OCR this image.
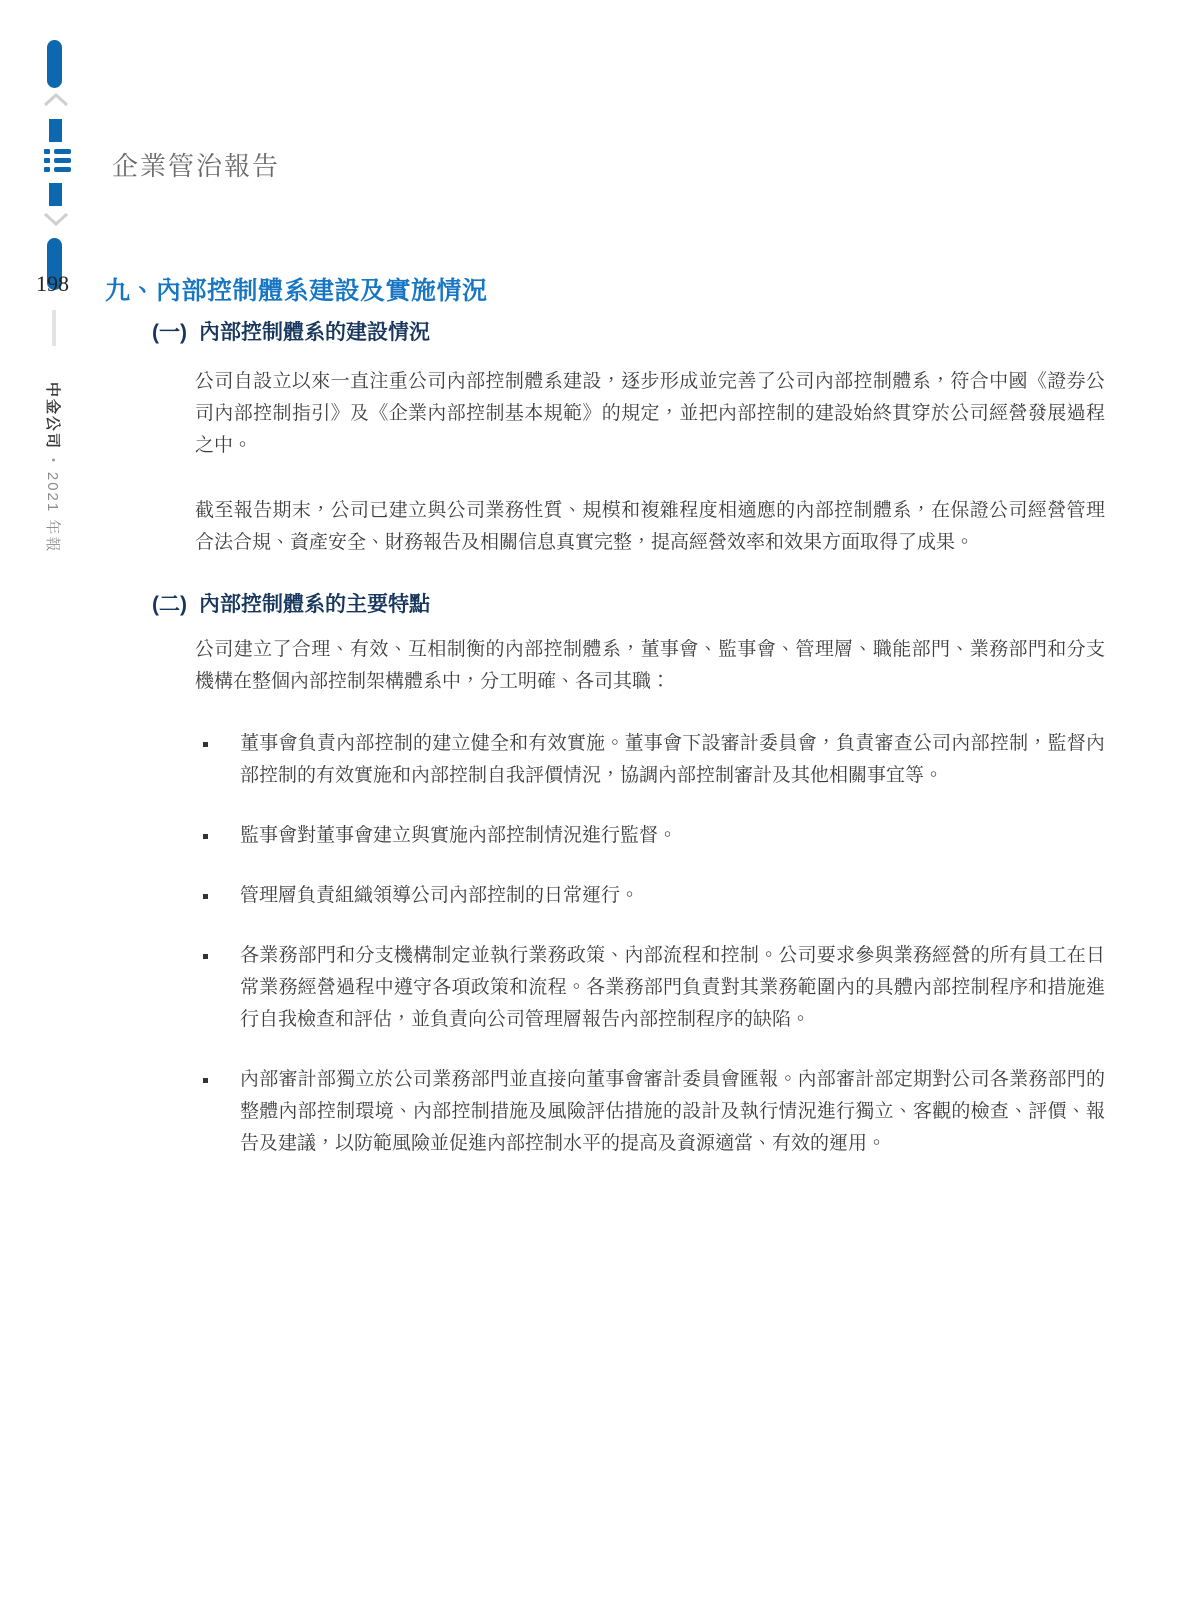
198
中金公司•2021 年報
企業管治報告
九、內部控制體系建設及實施情況
(一) 內部控制體系的建設情況

公司自設立以來一直注重公司內部控制體系建設，逐步形成並完善了公司內部控制體系，符合中國《證券公司內部控制指引》及《企業內部控制基本規範》的規定，並把內部控制的建設始終貫穿於公司經營發展過程之中。

截至報告期末，公司已建立與公司業務性質、規模和複雜程度相適應的內部控制體系，在保證公司經營管理合法合規、資產安全、財務報告及相關信息真實完整，提高經營效率和效果方面取得了成果。

(二) 內部控制體系的主要特點

公司建立了合理、有效、互相制衡的內部控制體系，董事會、監事會、管理層、職能部門、業務部門和分支機構在整個內部控制架構體系中，分工明確、各司其職：

董事會負責內部控制的建立健全和有效實施。董事會下設審計委員會，負責審查公司內部控制，監督內部控制的有效實施和內部控制自我評價情況，協調內部控制審計及其他相關事宜等。
監事會對董事會建立與實施內部控制情況進行監督。
管理層負責組織領導公司內部控制的日常運行。
各業務部門和分支機構制定並執行業務政策、內部流程和控制。公司要求參與業務經營的所有員工在日常業務經營過程中遵守各項政策和流程。各業務部門負責對其業務範圍內的具體內部控制程序和措施進行自我檢查和評估，並負責向公司管理層報告內部控制程序的缺陷。
內部審計部獨立於公司業務部門並直接向董事會審計委員會匯報。內部審計部定期對公司各業務部門的整體內部控制環境、內部控制措施及風險評估措施的設計及執行情況進行獨立、客觀的檢查、評價、報告及建議，以防範風險並促進內部控制水平的提高及資源適當、有效的運用。
